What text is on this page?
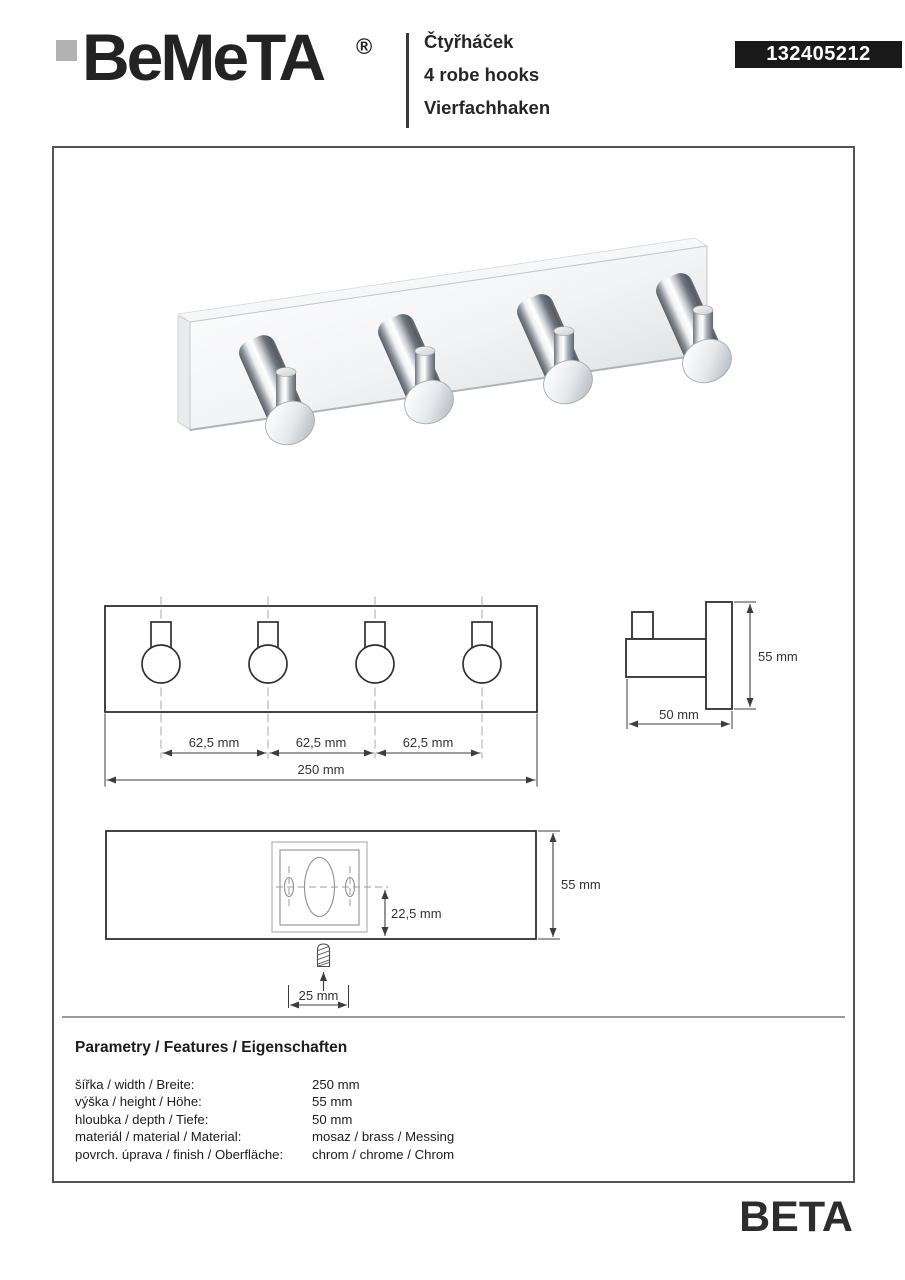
BeMeTA ®	Čtyřháček
4 robe hooks
Vierfachhaken
132405212
62,5 mm	62,5 mm	62,5 mm
250 mm
55 mm
50 mm
22,5 mm
55 mm
25 mm
Parametry / Features / Eigenschaften
šířka / width / Breite:	250 mm
výška / height / Höhe:	55 mm
hloubka / depth / Tiefe:	50 mm
materiál / material / Material:	mosaz / brass / Messing
povrch. úprava / finish / Oberfläche:	chrom / chrome / Chrom
BETA
